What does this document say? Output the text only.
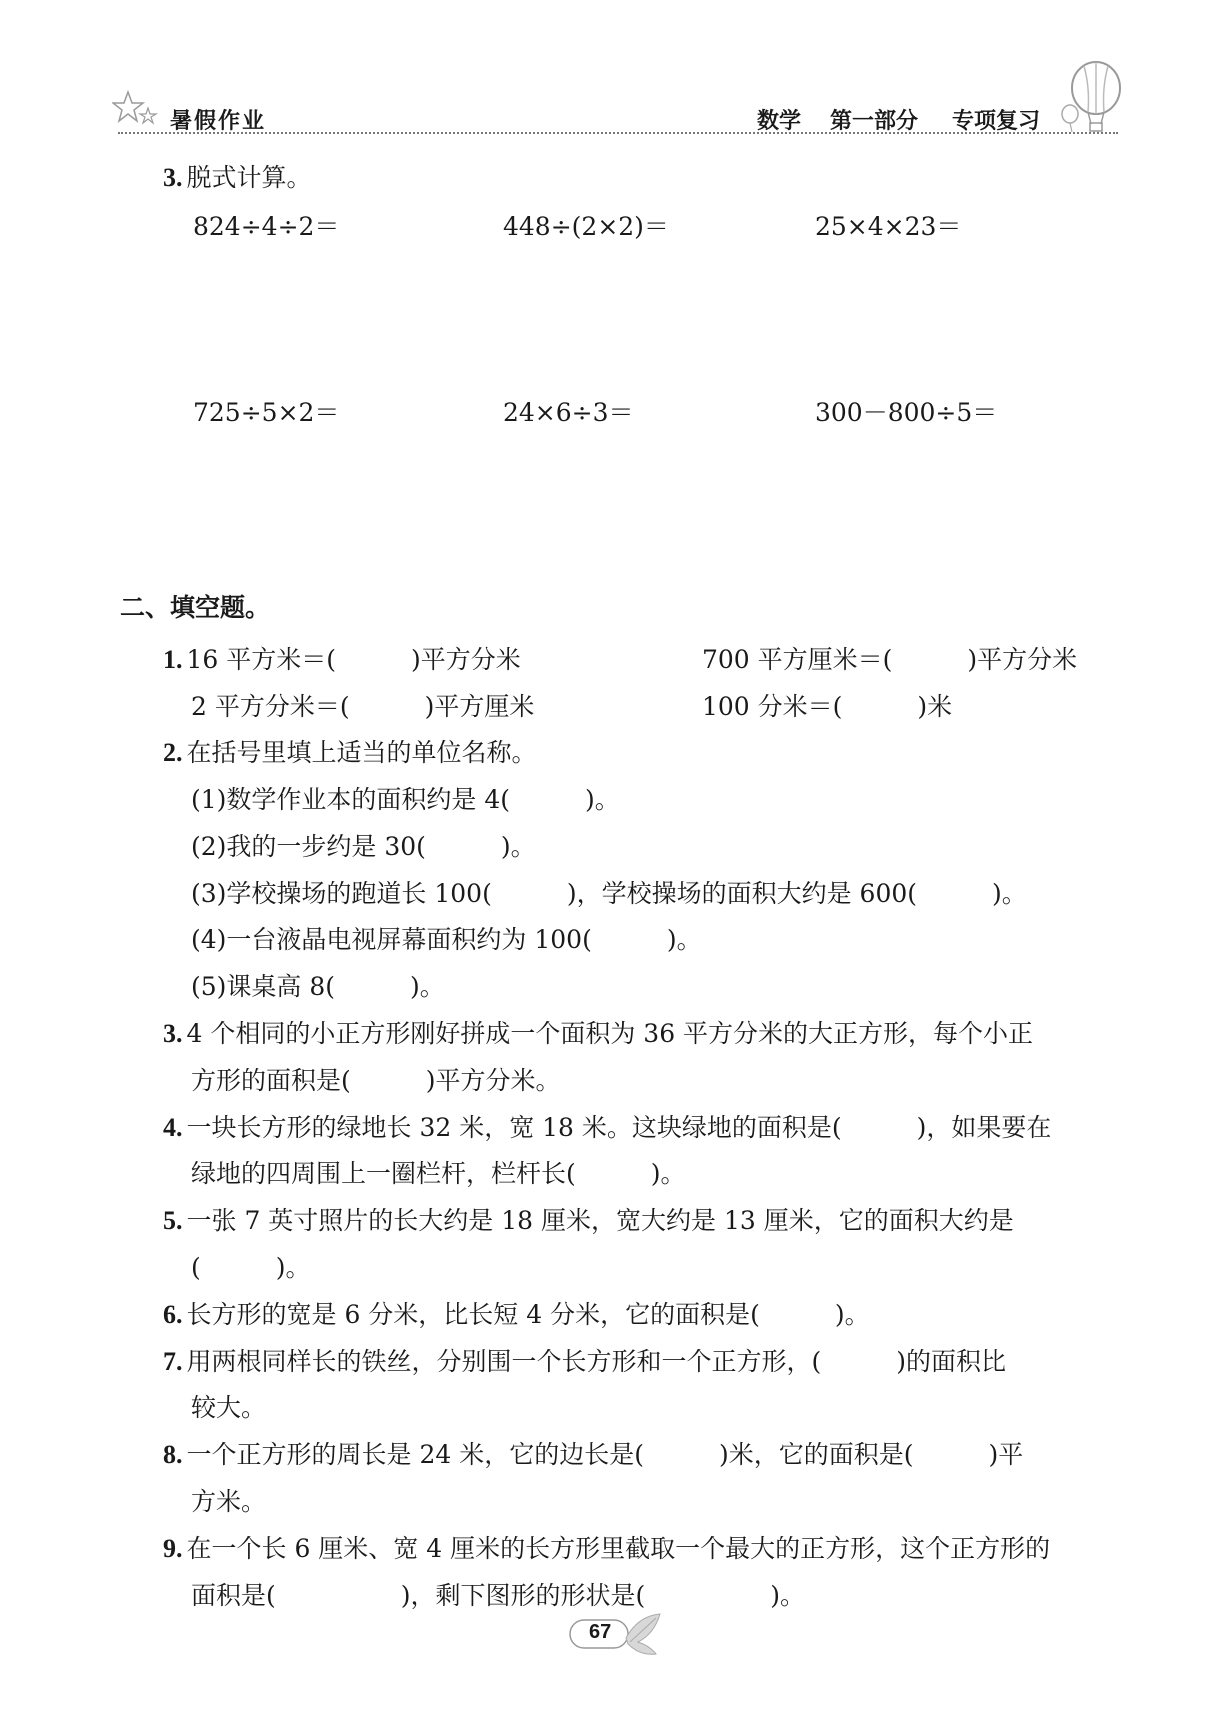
暑假作业	数学 第一部分 专项复习
3. 脱式计算。
824÷4÷2＝	448÷(2×2)＝	25×4×23＝
725÷5×2＝	24×6÷3＝	300－800÷5＝
二、填空题。
1. 16 平方米＝(　　　)平方分米	700 平方厘米＝(　　　)平方分米
2 平方分米＝(　　　)平方厘米	100 分米＝(　　　)米
2. 在括号里填上适当的单位名称。
(1)数学作业本的面积约是 4(　　　)。
(2)我的一步约是 30(　　　)。
(3)学校操场的跑道长 100(　　　)，学校操场的面积大约是 600(　　　)。
(4)一台液晶电视屏幕面积约为 100(　　　)。
(5)课桌高 8(　　　)。
3. 4 个相同的小正方形刚好拼成一个面积为 36 平方分米的大正方形，每个小正
方形的面积是(　　　)平方分米。
4. 一块长方形的绿地长 32 米，宽 18 米。这块绿地的面积是(　　　)，如果要在
绿地的四周围上一圈栏杆，栏杆长(　　　)。
5. 一张 7 英寸照片的长大约是 18 厘米，宽大约是 13 厘米，它的面积大约是
(　　　)。
6. 长方形的宽是 6 分米，比长短 4 分米，它的面积是(　　　)。
7. 用两根同样长的铁丝，分别围一个长方形和一个正方形，(　　　)的面积比
较大。
8. 一个正方形的周长是 24 米，它的边长是(　　　)米，它的面积是(　　　)平
方米。
9. 在一个长 6 厘米、宽 4 厘米的长方形里截取一个最大的正方形，这个正方形的
面积是(　　　　　)，剩下图形的形状是(　　　　　)。
67
